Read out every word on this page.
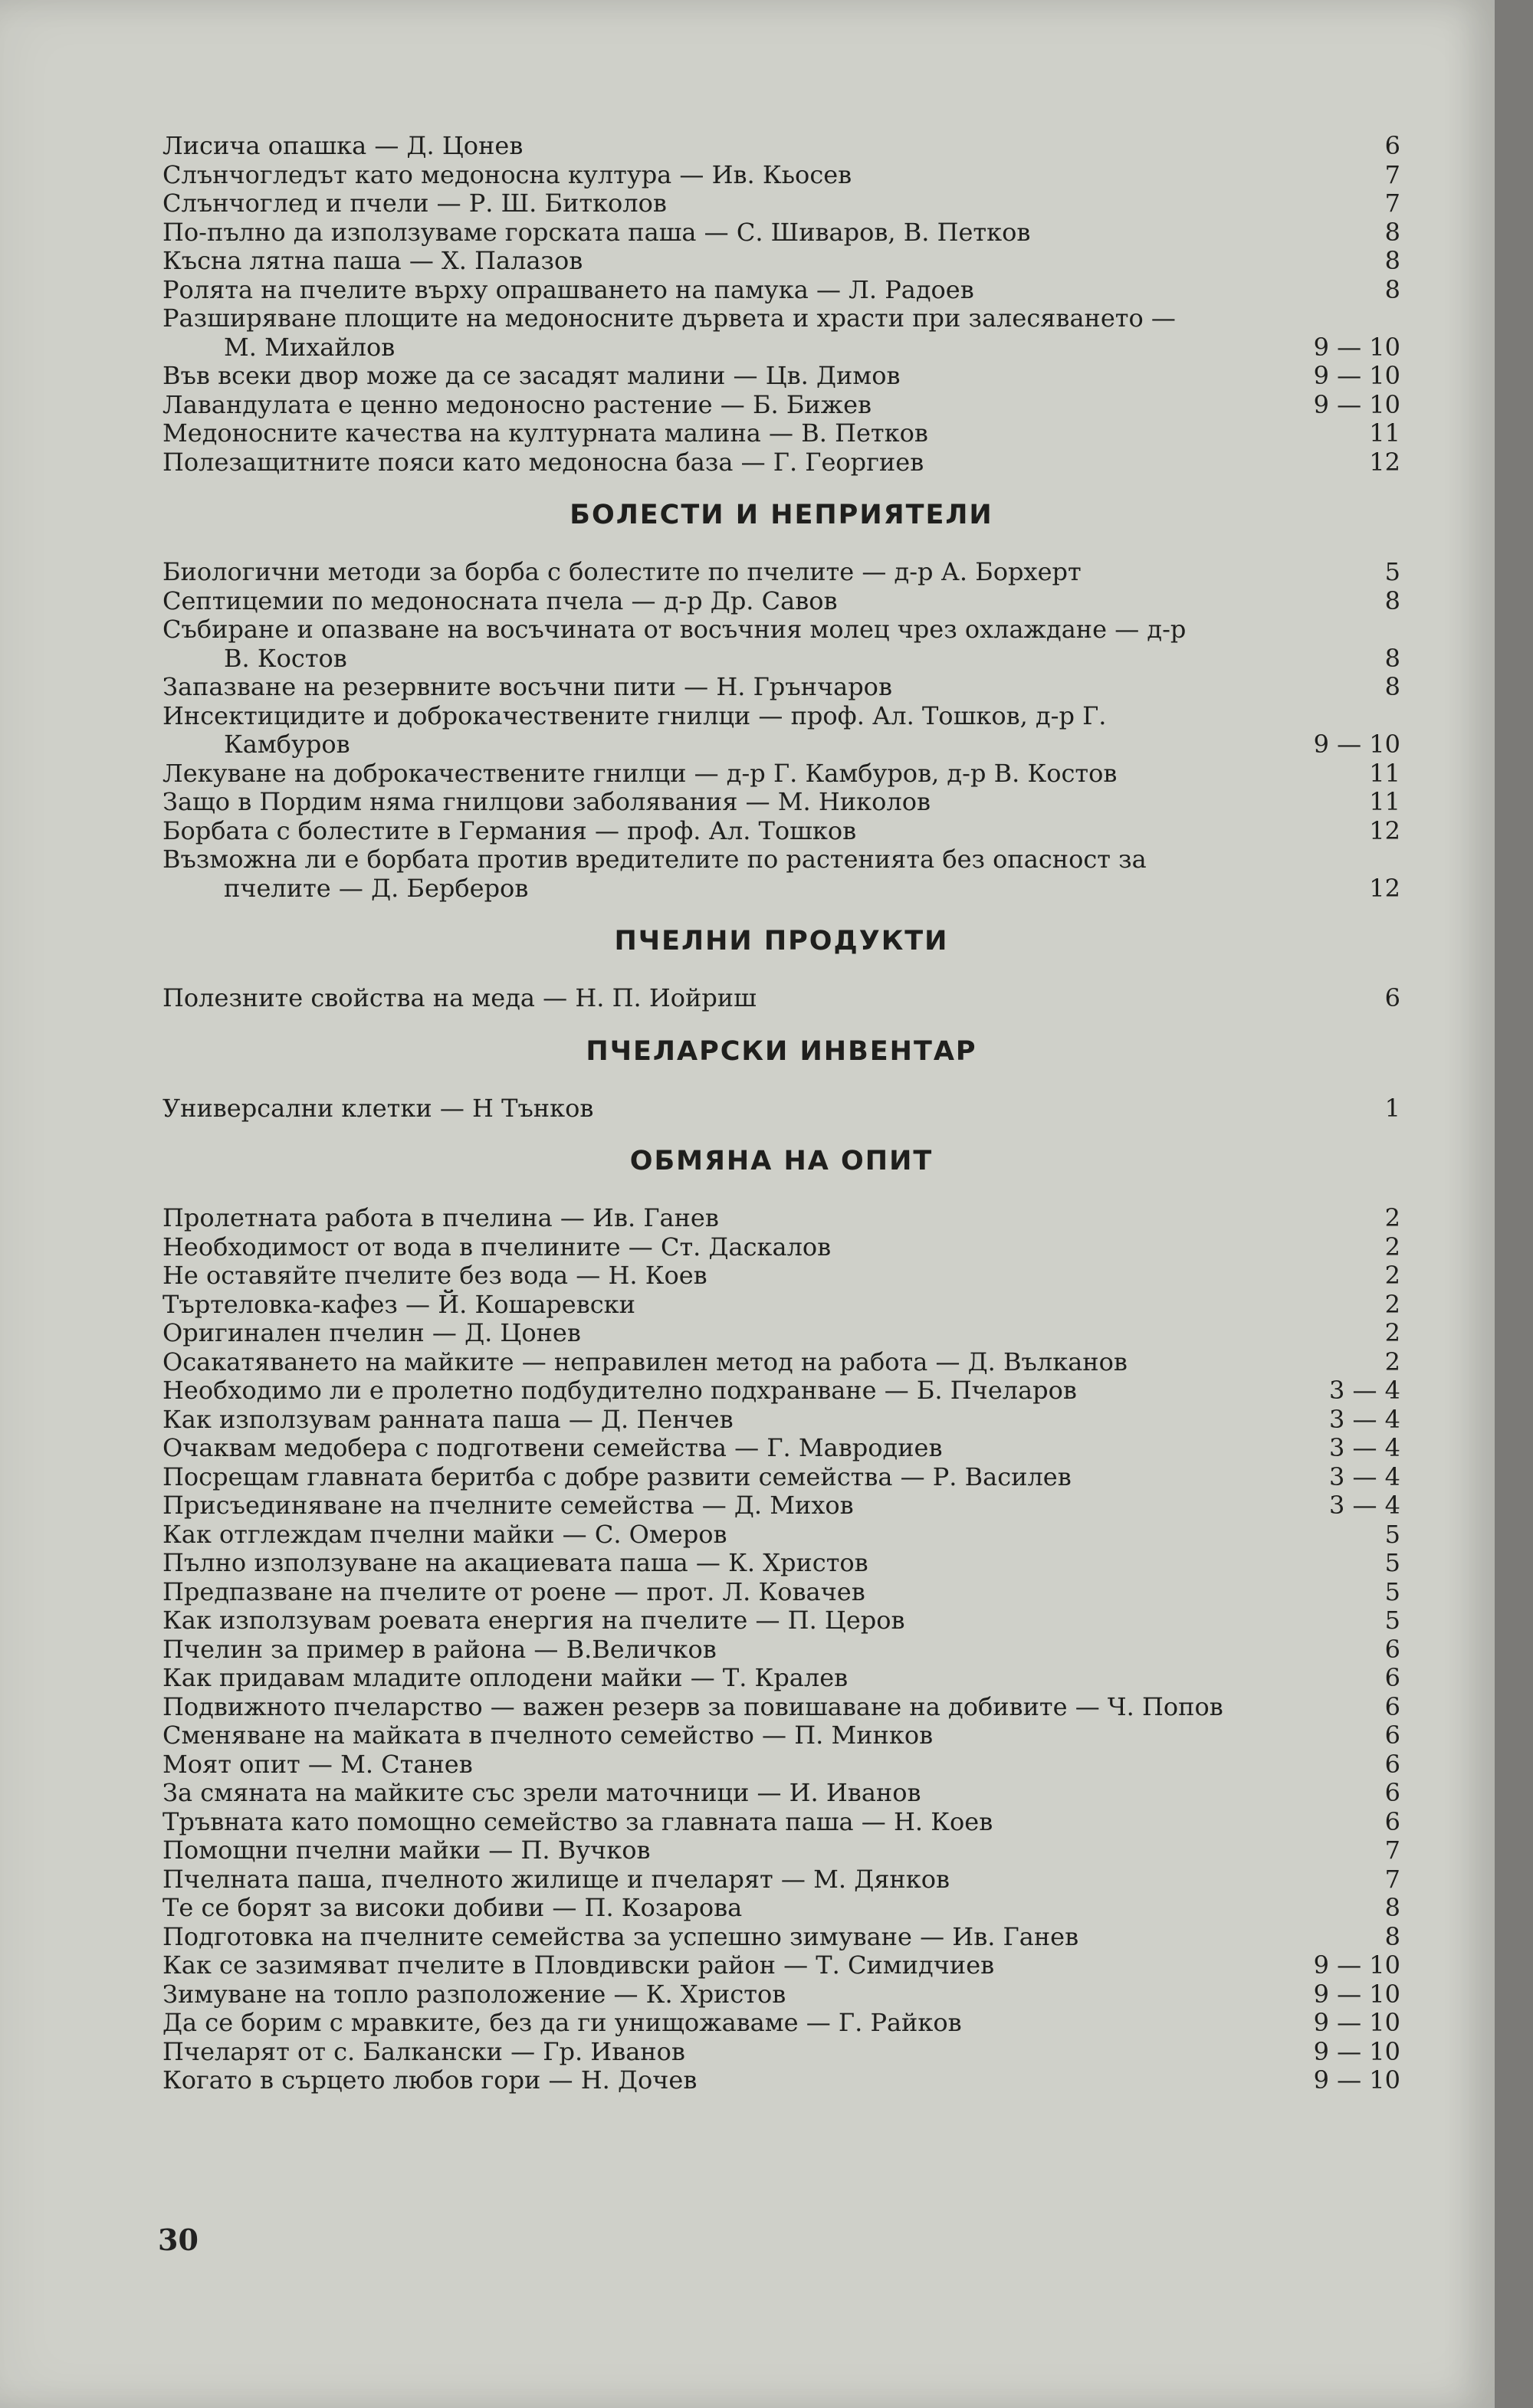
Лисича опашка — Д. Цонев	6
Слънчогледът като медоносна култура — Ив. Кьосев	7
Слънчоглед и пчели — Р. Ш. Битколов	7
По-пълно да използуваме горската паша — С. Шиваров, В. Петков	8
Късна лятна паша — Х. Палазов	8
Ролята на пчелите върху опрашването на памука — Л. Радоев	8
Разширяване площите на медоносните дървета и храсти при залесяването —
М. Михайлов	9 — 10
Във всеки двор може да се засадят малини — Цв. Димов	9 — 10
Лавандулата е ценно медоносно растение — Б. Бижев	9 — 10
Медоносните качества на културната малина — В. Петков	11
Полезащитните пояси като медоносна база — Г. Георгиев	12
БОЛЕСТИ И НЕПРИЯТЕЛИ
Биологични методи за борба с болестите по пчелите — д-р А. Борхерт	5
Септицемии по медоносната пчела — д-р Др. Савов	8
Събиране и опазване на восъчината от восъчния молец чрез охлаждане — д-р
В. Костов	8
Запазване на резервните восъчни пити — Н. Грънчаров	8
Инсектицидите и доброкачествените гнилци — проф. Ал. Тошков, д-р Г.
Камбуров	9 — 10
Лекуване на доброкачествените гнилци — д-р Г. Камбуров, д-р В. Костов	11
Защо в Пордим няма гнилцови заболявания — М. Николов	11
Борбата с болестите в Германия — проф. Ал. Тошков	12
Възможна ли е борбата против вредителите по растенията без опасност за
пчелите — Д. Берберов	12
ПЧЕЛНИ ПРОДУКТИ
Полезните свойства на меда — Н. П. Иойриш	6
ПЧЕЛАРСКИ ИНВЕНТАР
Универсални клетки — Н Тънков	1
ОБМЯНА НА ОПИТ
Пролетната работа в пчелина — Ив. Ганев	2
Необходимост от вода в пчелините — Ст. Даскалов	2
Не оставяйте пчелите без вода — Н. Коев	2
Търтеловка-кафез — Й. Кошаревски	2
Оригинален пчелин — Д. Цонев	2
Осакатяването на майките — неправилен метод на работа — Д. Вълканов	2
Необходимо ли е пролетно подбудително подхранване — Б. Пчеларов	3 — 4
Как използувам ранната паша — Д. Пенчев	3 — 4
Очаквам медобера с подготвени семейства — Г. Мавродиев	3 — 4
Посрещам главната беритба с добре развити семейства — Р. Василев	3 — 4
Присъединяване на пчелните семейства — Д. Михов	3 — 4
Как отглеждам пчелни майки — С. Омеров	5
Пълно използуване на акациевата паша — К. Христов	5
Предпазване на пчелите от роене — прот. Л. Ковачев	5
Как използувам роевата енергия на пчелите — П. Церов	5
Пчелин за пример в района — В.Величков	6
Как придавам младите оплодени майки — Т. Кралев	6
Подвижното пчеларство — важен резерв за повишаване на добивите — Ч. Попов	6
Сменяване на майката в пчелното семейство — П. Минков	6
Моят опит — М. Станев	6
За смяната на майките със зрели маточници — И. Иванов	6
Тръвната като помощно семейство за главната паша — Н. Коев	6
Помощни пчелни майки — П. Вучков	7
Пчелната паша, пчелното жилище и пчеларят — М. Дянков	7
Те се борят за високи добиви — П. Козарова	8
Подготовка на пчелните семейства за успешно зимуване — Ив. Ганев	8
Как се зазимяват пчелите в Пловдивски район — Т. Симидчиев	9 — 10
Зимуване на топло разположение — К. Христов	9 — 10
Да се борим с мравките, без да ги унищожаваме — Г. Райков	9 — 10
Пчеларят от с. Балкански — Гр. Иванов	9 — 10
Когато в сърцето любов гори — Н. Дочев	9 — 10
30
